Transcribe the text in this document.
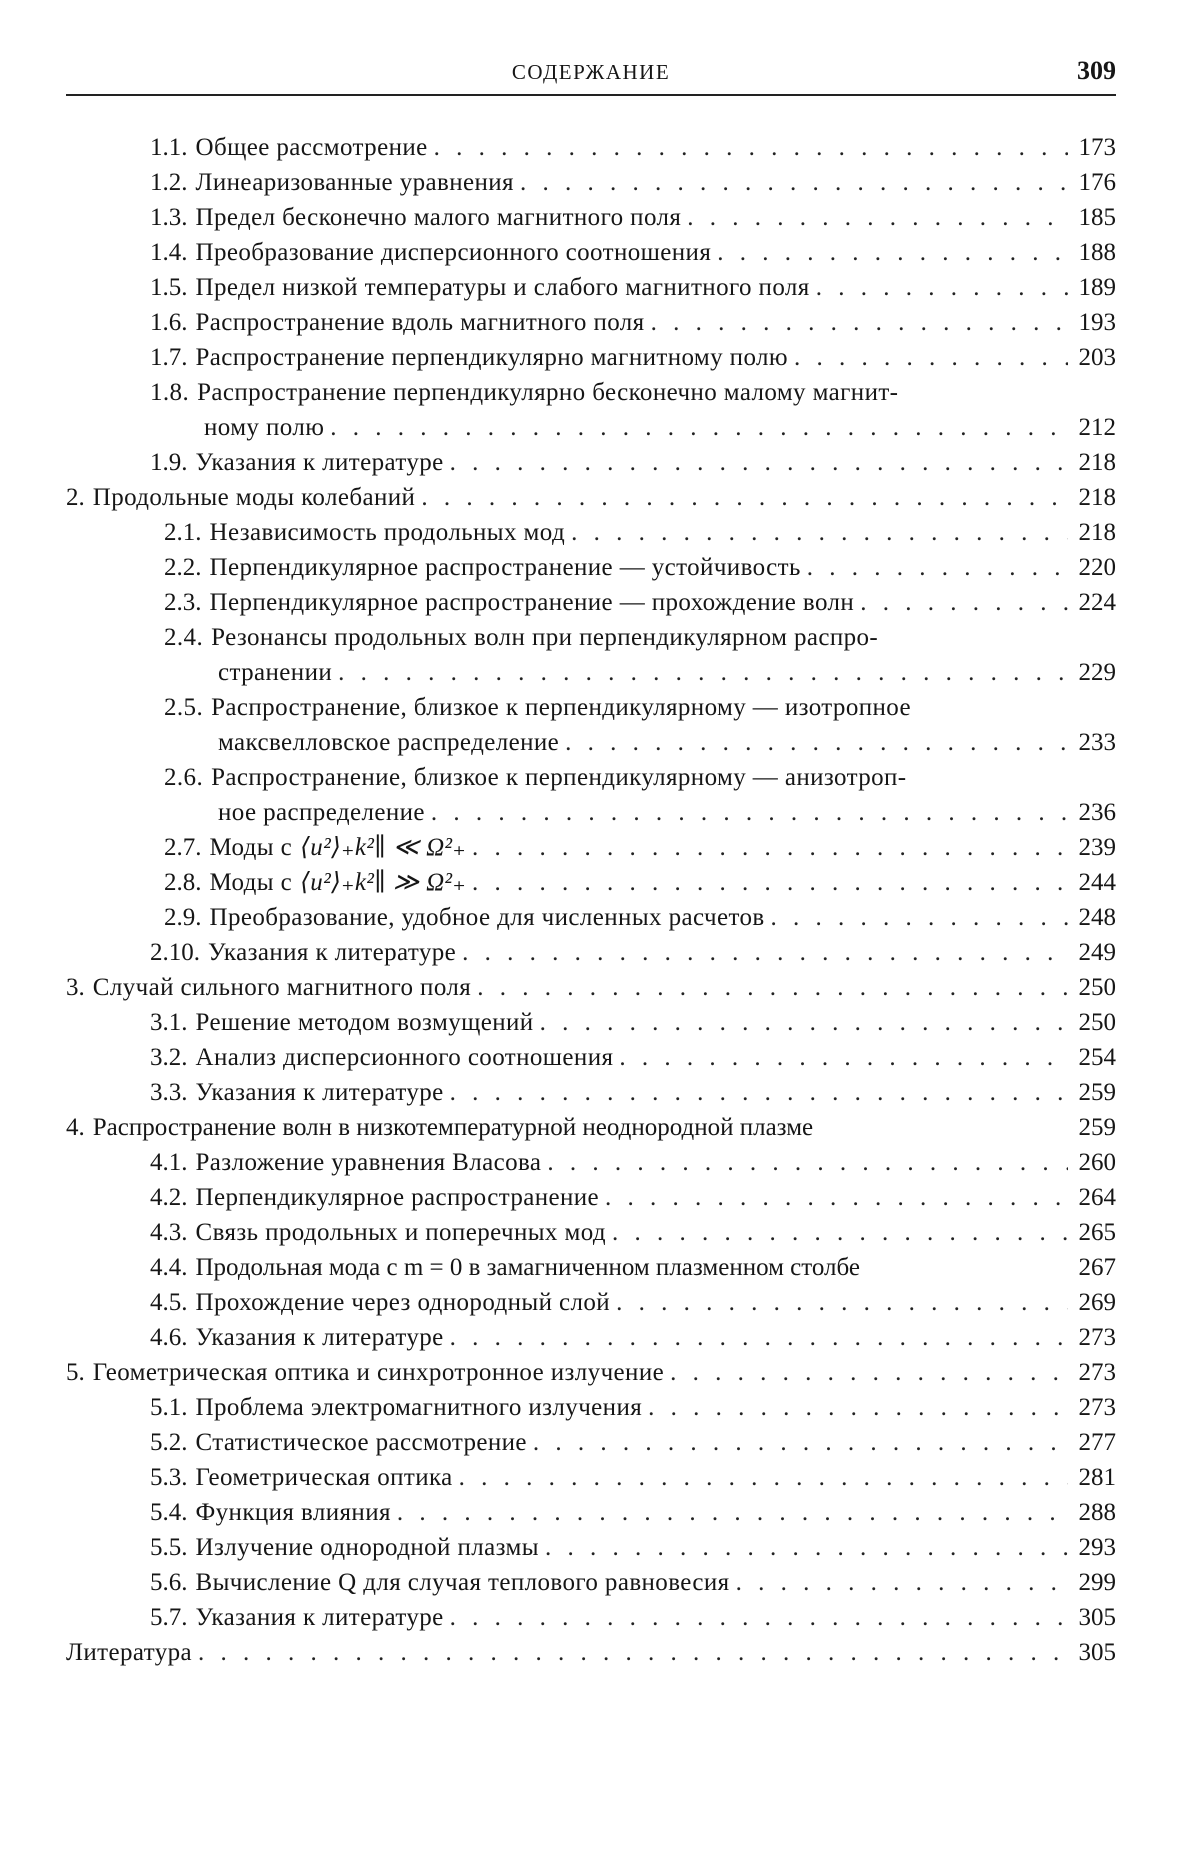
СОДЕРЖАНИЕ	309
1.1. Общее рассмотрение . . .	173
1.2. Линеаризованные уравнения . . .	176
1.3. Предел бесконечно малого магнитного поля . . .	185
1.4. Преобразование дисперсионного соотношения . . .	188
1.5. Предел низкой температуры и слабого магнитного поля . . .	189
1.6. Распространение вдоль магнитного поля . . .	193
1.7. Распространение перпендикулярно магнитному полю . . .	203
1.8. Распространение перпендикулярно бесконечно малому магнит-
ному полю . . .	212
1.9. Указания к литературе . . .	218
2. Продольные моды колебаний . . .	218
2.1. Независимость продольных мод . . .	218
2.2. Перпендикулярное распространение — устойчивость . . .	220
2.3. Перпендикулярное распространение — прохождение волн . . .	224
2.4. Резонансы продольных волн при перпендикулярном распро-
странении . . .	229
2.5. Распространение, близкое к перпендикулярному — изотропное
максвелловское распределение . . .	233
2.6. Распространение, близкое к перпендикулярному — анизотроп-
ное распределение . . .	236
2.7. Моды с ⟨u²⟩₊k²∥ ≪ Ω²₊ . . .	239
2.8. Моды с ⟨u²⟩₊k²∥ ≫ Ω²₊ . . .	244
2.9. Преобразование, удобное для численных расчетов . . .	248
2.10. Указания к литературе . . .	249
3. Случай сильного магнитного поля . . .	250
3.1. Решение методом возмущений . . .	250
3.2. Анализ дисперсионного соотношения . . .	254
3.3. Указания к литературе . . .	259
4. Распространение волн в низкотемпературной неоднородной плазме	259
4.1. Разложение уравнения Власова . . .	260
4.2. Перпендикулярное распространение . . .	264
4.3. Связь продольных и поперечных мод . . .	265
4.4. Продольная мода с m = 0 в замагниченном плазменном столбе	267
4.5. Прохождение через однородный слой . . .	269
4.6. Указания к литературе . . .	273
5. Геометрическая оптика и синхротронное излучение . . .	273
5.1. Проблема электромагнитного излучения . . .	273
5.2. Статистическое рассмотрение . . .	277
5.3. Геометрическая оптика . . .	281
5.4. Функция влияния . . .	288
5.5. Излучение однородной плазмы . . .	293
5.6. Вычисление Q для случая теплового равновесия . . .	299
5.7. Указания к литературе . . .	305
Литература . . .	305
